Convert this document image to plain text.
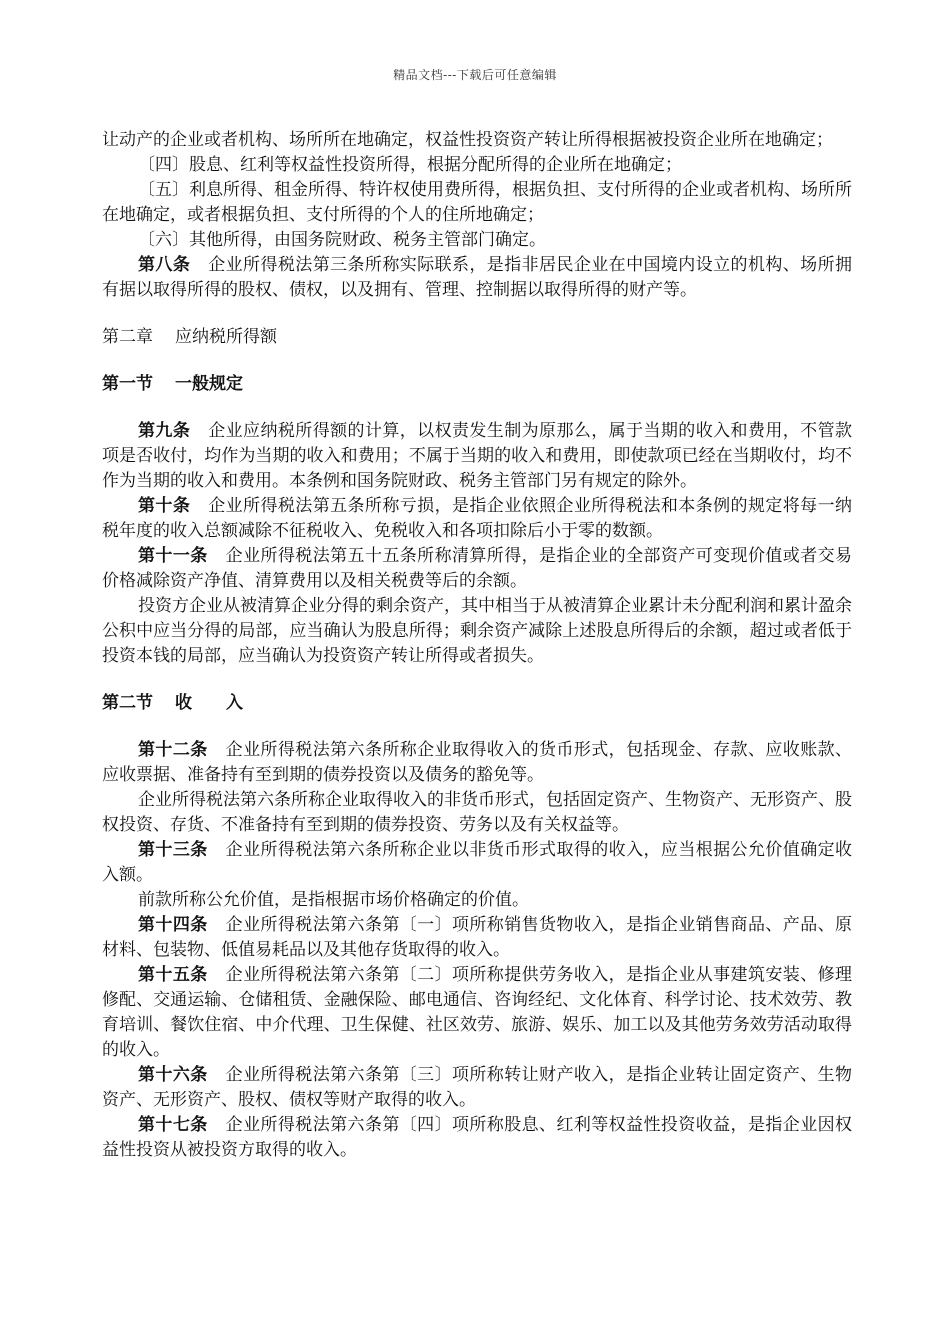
精品文档---下载后可任意编辑

让动产的企业或者机构、场所所在地确定，权益性投资资产转让所得根据被投资企业所在地确定；

〔四〕股息、红利等权益性投资所得，根据分配所得的企业所在地确定；

〔五〕利息所得、租金所得、特许权使用费所得，根据负担、支付所得的企业或者机构、场所所在地确定，或者根据负担、支付所得的个人的住所地确定；

〔六〕其他所得，由国务院财政、税务主管部门确定。

第八条 企业所得税法第三条所称实际联系，是指非居民企业在中国境内设立的机构、场所拥有据以取得所得的股权、债权，以及拥有、管理、控制据以取得所得的财产等。

第二章 应纳税所得额

第一节 一般规定

第九条 企业应纳税所得额的计算，以权责发生制为原那么，属于当期的收入和费用，不管款项是否收付，均作为当期的收入和费用；不属于当期的收入和费用，即使款项已经在当期收付，均不作为当期的收入和费用。本条例和国务院财政、税务主管部门另有规定的除外。

第十条 企业所得税法第五条所称亏损，是指企业依照企业所得税法和本条例的规定将每一纳税年度的收入总额减除不征税收入、免税收入和各项扣除后小于零的数额。

第十一条 企业所得税法第五十五条所称清算所得，是指企业的全部资产可变现价值或者交易价格减除资产净值、清算费用以及相关税费等后的余额。

投资方企业从被清算企业分得的剩余资产，其中相当于从被清算企业累计未分配利润和累计盈余公积中应当分得的局部，应当确认为股息所得；剩余资产减除上述股息所得后的余额，超过或者低于投资本钱的局部，应当确认为投资资产转让所得或者损失。

第二节 收　　入

第十二条 企业所得税法第六条所称企业取得收入的货币形式，包括现金、存款、应收账款、应收票据、准备持有至到期的债券投资以及债务的豁免等。

企业所得税法第六条所称企业取得收入的非货币形式，包括固定资产、生物资产、无形资产、股权投资、存货、不准备持有至到期的债券投资、劳务以及有关权益等。

第十三条 企业所得税法第六条所称企业以非货币形式取得的收入，应当根据公允价值确定收入额。

前款所称公允价值，是指根据市场价格确定的价值。

第十四条 企业所得税法第六条第〔一〕项所称销售货物收入，是指企业销售商品、产品、原材料、包装物、低值易耗品以及其他存货取得的收入。

第十五条 企业所得税法第六条第〔二〕项所称提供劳务收入，是指企业从事建筑安装、修理修配、交通运输、仓储租赁、金融保险、邮电通信、咨询经纪、文化体育、科学讨论、技术效劳、教育培训、餐饮住宿、中介代理、卫生保健、社区效劳、旅游、娱乐、加工以及其他劳务效劳活动取得的收入。

第十六条 企业所得税法第六条第〔三〕项所称转让财产收入，是指企业转让固定资产、生物资产、无形资产、股权、债权等财产取得的收入。

第十七条 企业所得税法第六条第〔四〕项所称股息、红利等权益性投资收益，是指企业因权益性投资从被投资方取得的收入。
